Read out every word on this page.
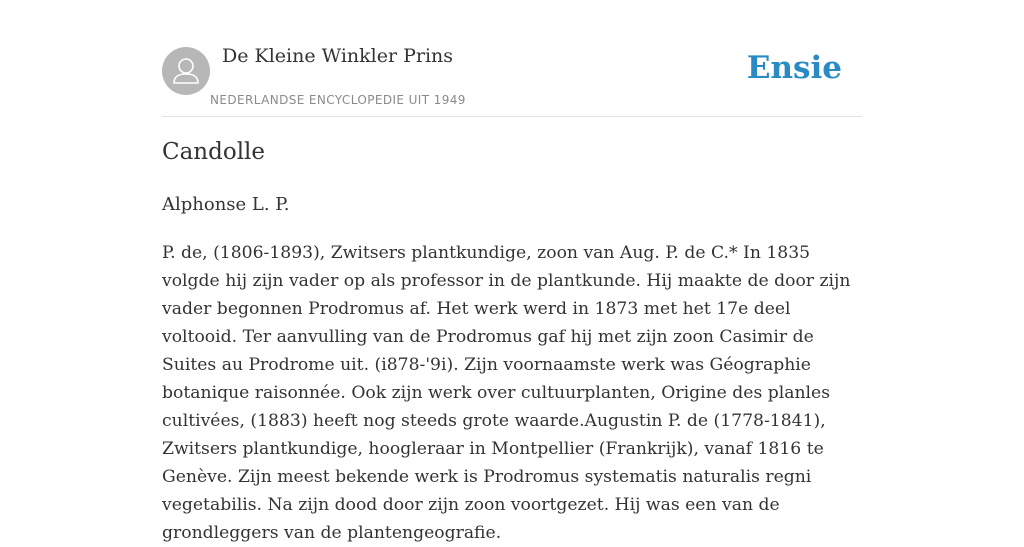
De Kleine Winkler Prins
NEDERLANDSE ENCYCLOPEDIE UIT 1949
Ensie
Candolle

Alphonse L. P.

P. de, (1806-1893), Zwitsers plantkundige, zoon van Aug. P. de C.* In 1835 volgde hij zijn vader op als professor in de plantkunde. Hij maakte de door zijn vader begonnen Prodromus af. Het werk werd in 1873 met het 17e deel voltooid. Ter aanvulling van de Prodromus gaf hij met zijn zoon Casimir de Suites au Prodrome uit. (i878-'9i). Zijn voornaamste werk was Géographie botanique raisonnée. Ook zijn werk over cultuurplanten, Origine des planles cultivées, (1883) heeft nog steeds grote waarde.Augustin P. de (1778-1841), Zwitsers plantkundige, hoogleraar in Montpellier (Frankrijk), vanaf 1816 te Genève. Zijn meest bekende werk is Prodromus systematis naturalis regni vegetabilis. Na zijn dood door zijn zoon voortgezet. Hij was een van de grondleggers van de plantengeografie.
